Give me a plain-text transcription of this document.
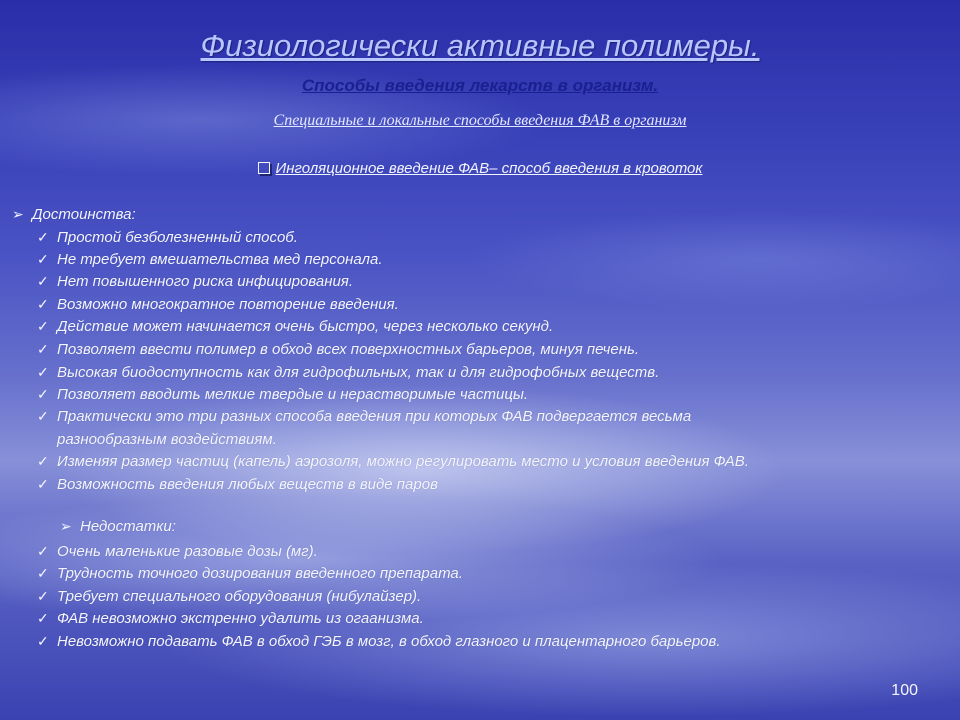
Физиологически активные полимеры.
Способы введения лекарств в организм.
Специальные и локальные способы введения ФАВ в организм
Инголяционное введение ФАВ– способ введения в кровоток
➢ Достоинства:
✓ Простой безболезненный способ.
✓ Не требует вмешательства мед персонала.
✓ Нет повышенного риска инфицирования.
✓ Возможно многократное повторение введения.
✓ Действие может начинается очень быстро, через несколько секунд.
✓ Позволяет ввести полимер в обход всех поверхностных барьеров, минуя печень.
✓ Высокая биодоступность как для гидрофильных, так и для гидрофобных веществ.
✓ Позволяет вводить мелкие твердые и нерастворимые частицы.
✓ Практически это три разных способа введения при которых ФАВ подвергается весьма
разнообразным воздействиям.
✓ Изменяя размер частиц (капель) аэрозоля, можно регулировать место и условия введения ФАВ.
✓ Возможность введения любых веществ в виде паров
➢ Недостатки:
✓ Очень маленькие разовые дозы (мг).
✓ Трудность точного дозирования введенного препарата.
✓ Требует специального оборудования (нибулайзер).
✓ ФАВ невозможно экстренно удалить из огаанизма.
✓ Невозможно подавать ФАВ в обход ГЭБ в мозг, в обход глазного и плацентарного барьеров.
100
